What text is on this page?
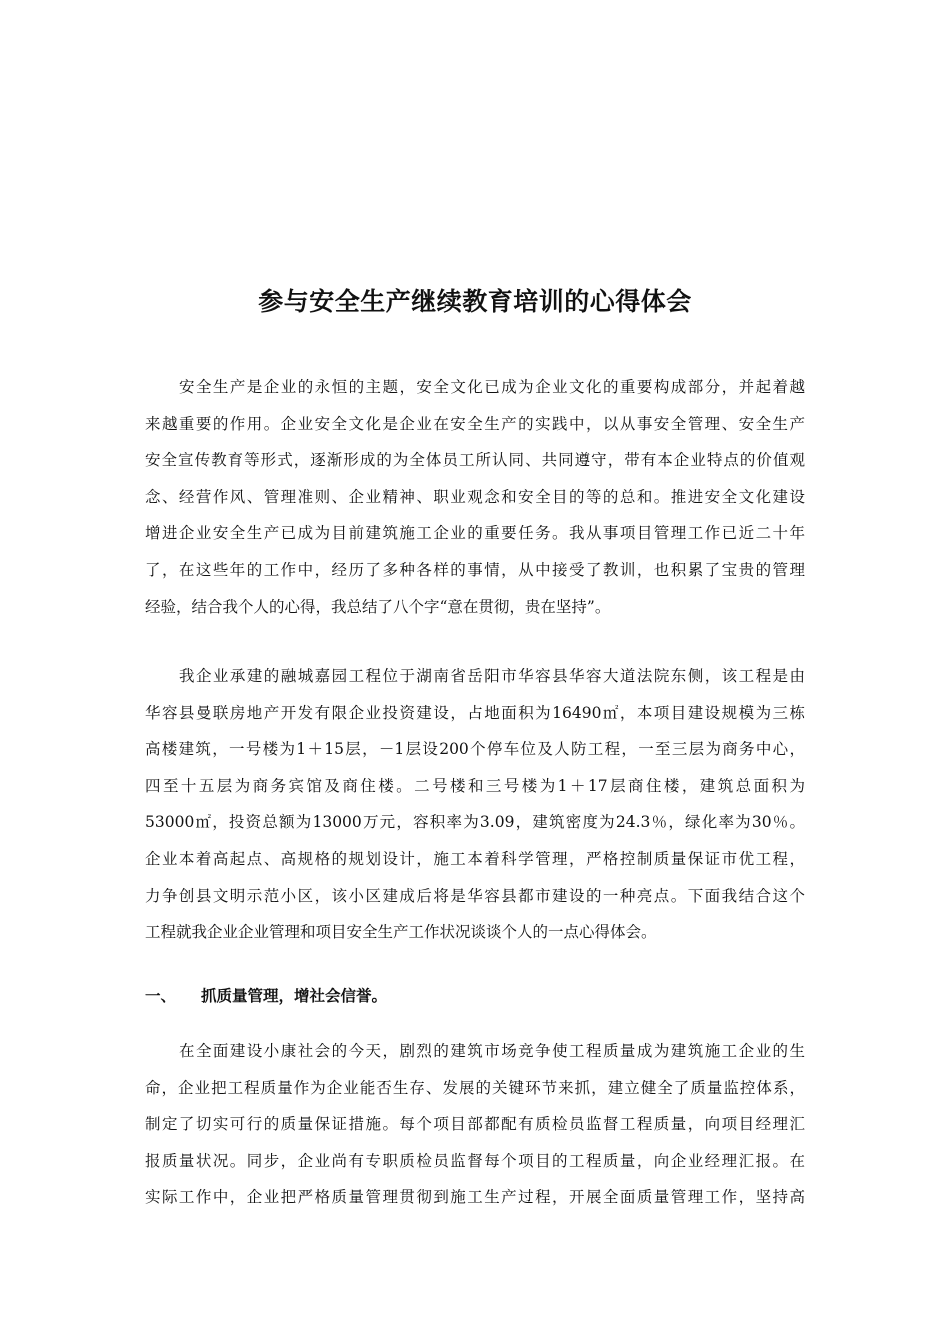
参与安全生产继续教育培训的心得体会
安全生产是企业的永恒的主题，安全文化已成为企业文化的重要构成部分，并起着越
来越重要的作用。企业安全文化是企业在安全生产的实践中，以从事安全管理、安全生产
安全宣传教育等形式，逐渐形成的为全体员工所认同、共同遵守，带有本企业特点的价值观
念、经营作风、管理准则、企业精神、职业观念和安全目的等的总和。推进安全文化建设
增进企业安全生产已成为目前建筑施工企业的重要任务。我从事项目管理工作已近二十年
了，在这些年的工作中，经历了多种各样的事情，从中接受了教训，也积累了宝贵的管理
经验，结合我个人的心得，我总结了八个字“意在贯彻，贵在坚持”。
我企业承建的融城嘉园工程位于湖南省岳阳市华容县华容大道法院东侧，该工程是由
华容县曼联房地产开发有限企业投资建设，占地面积为16490㎡，本项目建设规模为三栋
高楼建筑，一号楼为1＋15层，－1层设200个停车位及人防工程，一至三层为商务中心，
四至十五层为商务宾馆及商住楼。二号楼和三号楼为1＋17层商住楼，建筑总面积为
53000㎡，投资总额为13000万元，容积率为3.09，建筑密度为24.3％，绿化率为30％。
企业本着高起点、高规格的规划设计，施工本着科学管理，严格控制质量保证市优工程，
力争创县文明示范小区，该小区建成后将是华容县都市建设的一种亮点。下面我结合这个
工程就我企业企业管理和项目安全生产工作状况谈谈个人的一点心得体会。
一、 抓质量管理，增社会信誉。
在全面建设小康社会的今天，剧烈的建筑市场竞争使工程质量成为建筑施工企业的生
命，企业把工程质量作为企业能否生存、发展的关键环节来抓，建立健全了质量监控体系，
制定了切实可行的质量保证措施。每个项目部都配有质检员监督工程质量，向项目经理汇
报质量状况。同步，企业尚有专职质检员监督每个项目的工程质量，向企业经理汇报。在
实际工作中，企业把严格质量管理贯彻到施工生产过程，开展全面质量管理工作，坚持高
